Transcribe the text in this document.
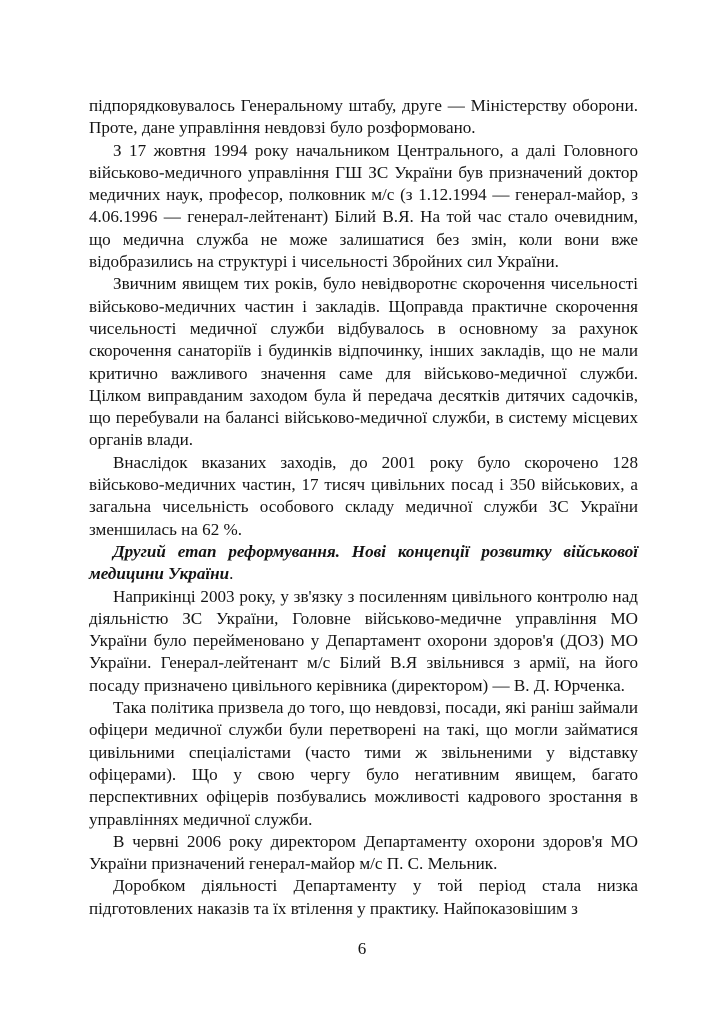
підпорядковувалось Генеральному штабу, друге — Міністерству оборони. Проте, дане управління невдовзі було розформовано.

З 17 жовтня 1994 року начальником Центрального, а далі Головного військово-медичного управління ГШ ЗС України був призначений доктор медичних наук, професор, полковник м/с (з 1.12.1994 — генерал-майор, з 4.06.1996 — генерал-лейтенант) Білий В.Я. На той час стало очевидним, що медична служба не може залишатися без змін, коли вони вже відобразились на структурі і чисельності Збройних сил України.

Звичним явищем тих років, було невідворотнє скорочення чисельності військово-медичних частин і закладів. Щоправда практичне скорочення чисельності медичної служби відбувалось в основному за рахунок скорочення санаторіїв і будинків відпочинку, інших закладів, що не мали критично важливого значення саме для військово-медичної служби. Цілком виправданим заходом була й передача десятків дитячих садочків, що перебували на балансі військово-медичної служби, в систему місцевих органів влади.

Внаслідок вказаних заходів, до 2001 року було скорочено 128 військово-медичних частин, 17 тисяч цивільних посад і 350 військових, а загальна чисельність особового складу медичної служби ЗС України зменшилась на 62 %.

Другий етап реформування. Нові концепції розвитку військової медицини України.

Наприкінці 2003 року, у зв'язку з посиленням цивільного контролю над діяльністю ЗС України, Головне військово-медичне управління МО України було перейменовано у Департамент охорони здоров'я (ДОЗ) МО України. Генерал-лейтенант м/с Білий В.Я звільнився з армії, на його посаду призначено цивільного керівника (директором) — В. Д. Юрченка.

Така політика призвела до того, що невдовзі, посади, які раніш займали офіцери медичної служби були перетворені на такі, що могли займатися цивільними спеціалістами (часто тими ж звільненими у відставку офіцерами). Що у свою чергу було негативним явищем, багато перспективних офіцерів позбувались можливості кадрового зростання в управліннях медичної служби.

В червні 2006 року директором Департаменту охорони здоров'я МО України призначений генерал-майор м/с П. С. Мельник.

Доробком діяльності Департаменту у той період стала низка підготовлених наказів та їх втілення у практику. Найпоказовішим з

6
